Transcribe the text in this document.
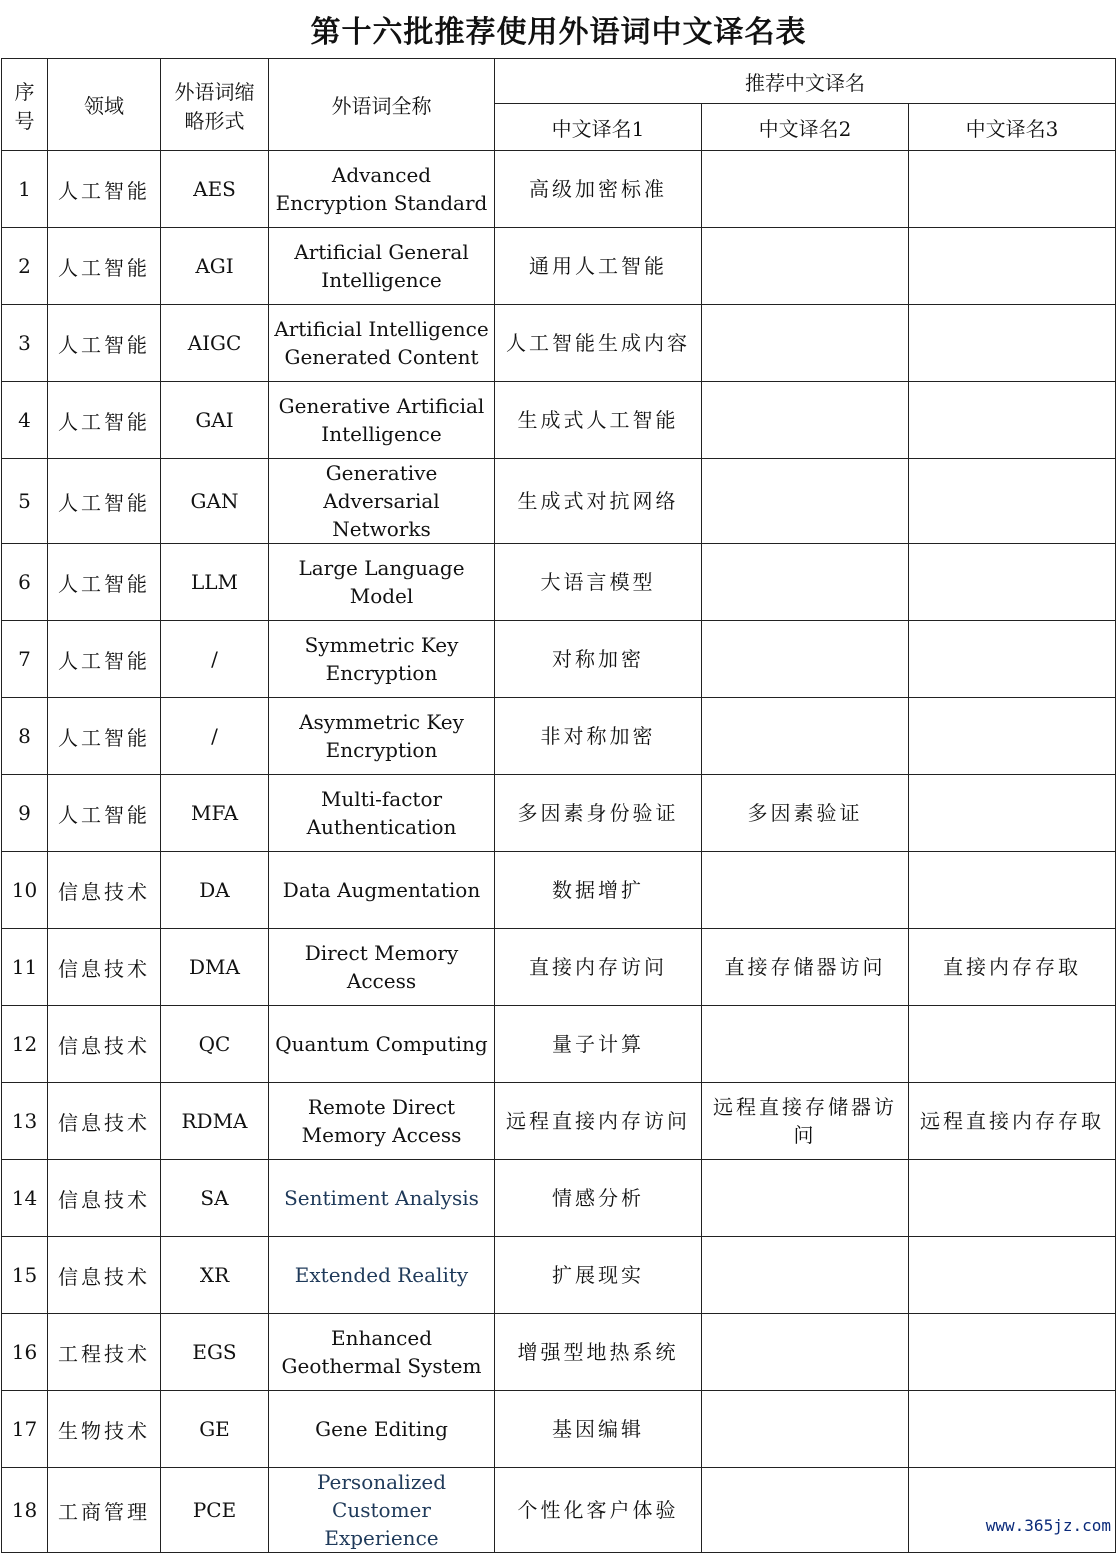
第十六批推荐使用外语词中文译名表
序号	领域	外语词缩略形式	外语词全称	推荐中文译名		
				中文译名1	中文译名2	中文译名3
1	人工智能	AES	Advanced Encryption Standard	高级加密标准		
2	人工智能	AGI	Artificial General Intelligence	通用人工智能		
3	人工智能	AIGC	Artificial Intelligence Generated Content	人工智能生成内容		
4	人工智能	GAI	Generative Artificial Intelligence	生成式人工智能		
5	人工智能	GAN	Generative Adversarial Networks	生成式对抗网络		
6	人工智能	LLM	Large Language Model	大语言模型		
7	人工智能	/	Symmetric Key Encryption	对称加密		
8	人工智能	/	Asymmetric Key Encryption	非对称加密		
9	人工智能	MFA	Multi-factor Authentication	多因素身份验证	多因素验证	
10	信息技术	DA	Data Augmentation	数据增扩		
11	信息技术	DMA	Direct Memory Access	直接内存访问	直接存储器访问	直接内存存取
12	信息技术	QC	Quantum Computing	量子计算		
13	信息技术	RDMA	Remote Direct Memory Access	远程直接内存访问	远程直接存储器访问	远程直接内存存取
14	信息技术	SA	Sentiment Analysis	情感分析		
15	信息技术	XR	Extended Reality	扩展现实		
16	工程技术	EGS	Enhanced Geothermal System	增强型地热系统		
17	生物技术	GE	Gene Editing	基因编辑		
18	工商管理	PCE	Personalized Customer Experience	个性化客户体验		
www.365jz.com
